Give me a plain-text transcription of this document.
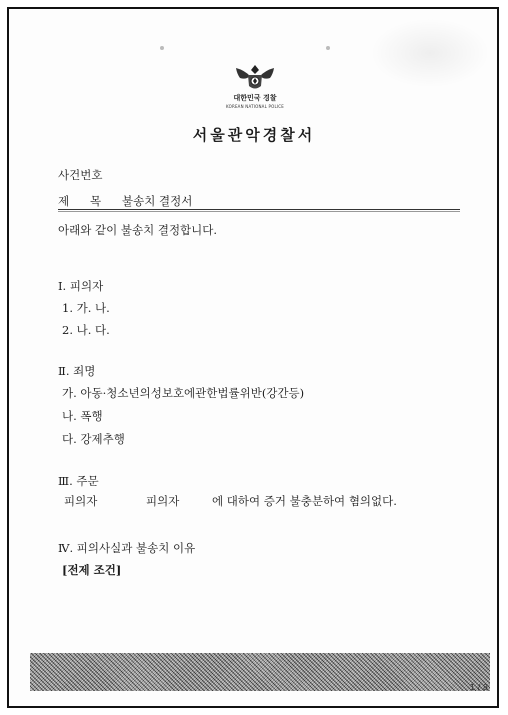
대한민국 경찰
KOREAN NATIONAL POLICE
서울관악경찰서
사건번호
제 목 불송치 결정서
아래와 같이 불송치 결정합니다.
Ⅰ. 피의자
1. 가. 나.
2. 나. 다.
Ⅱ. 죄명
가. 아동·청소년의성보호에관한법률위반(강간등)
나. 폭행
다. 강제추행
Ⅲ. 주문
피의자	피의자	에 대하여 증거 불충분하여 혐의없다.
Ⅳ. 피의사실과 불송치 이유
[전제 조건]
1 / 8
